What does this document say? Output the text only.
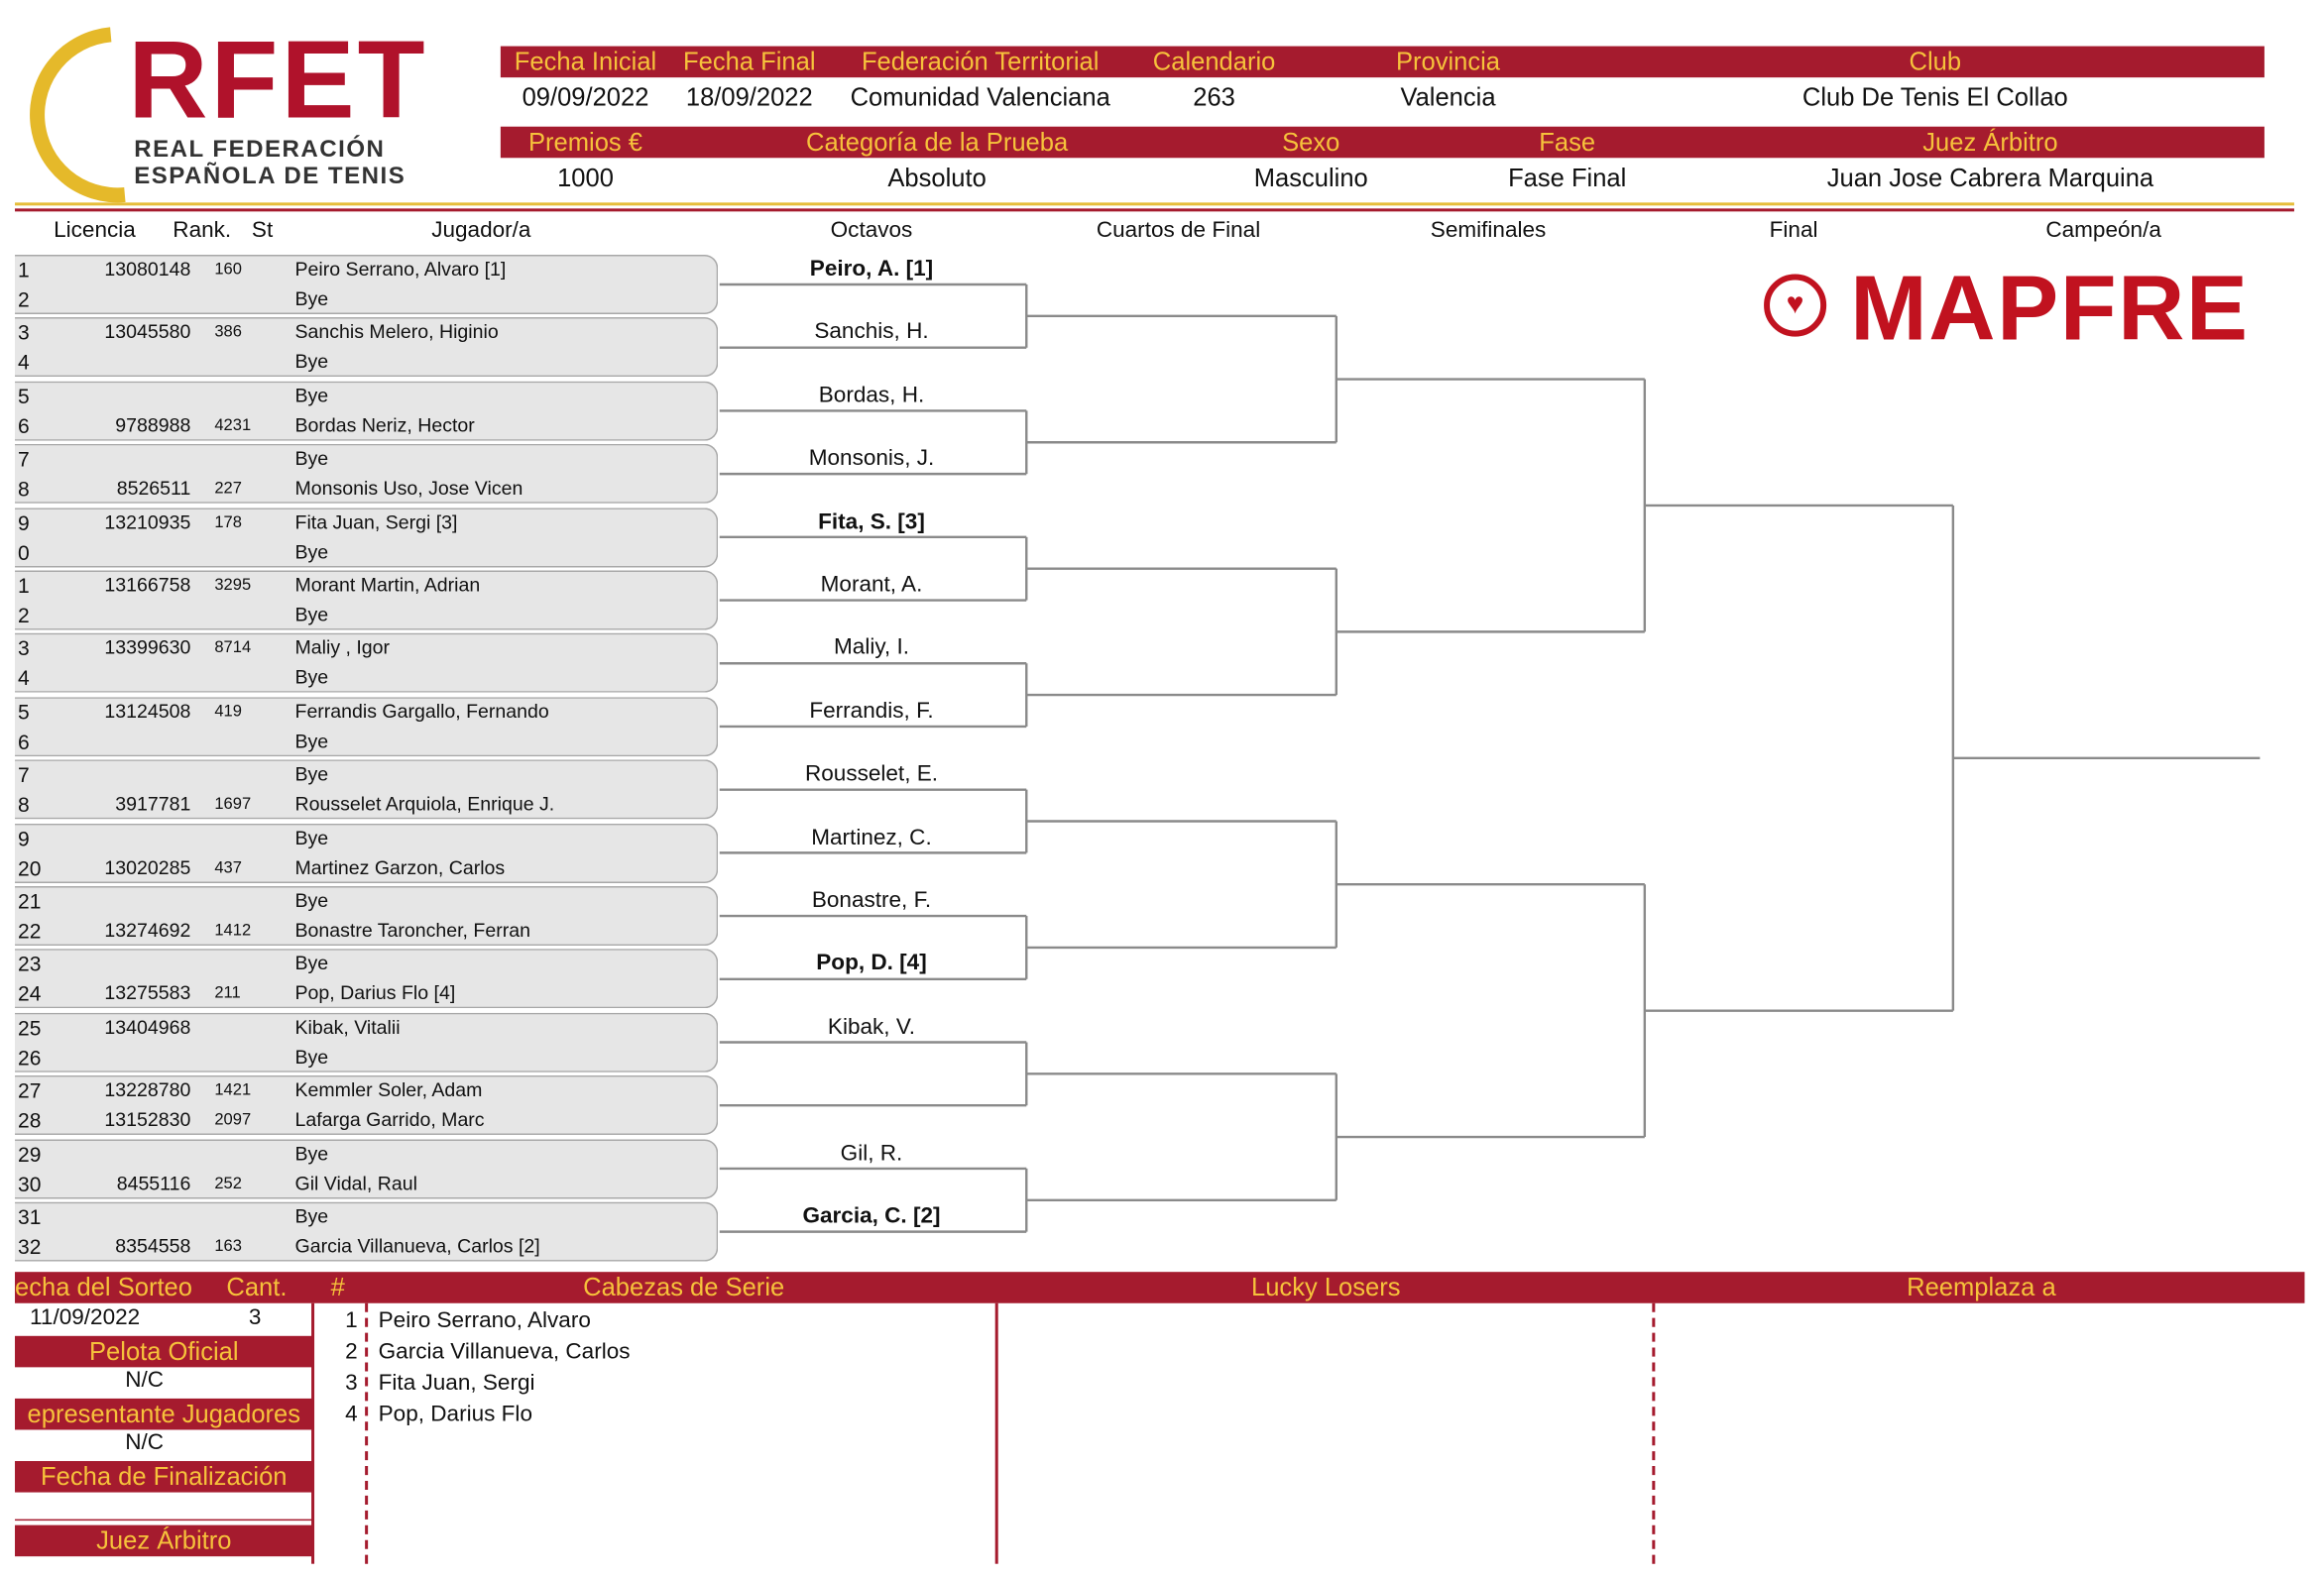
RFET
REAL FEDERACIÓN
ESPAÑOLA DE TENIS
Fecha Inicial Fecha Final	Federación Territorial	Calendario	Provincia	Club
09/09/2022 18/09/2022 Comunidad Valenciana	263	Valencia	Club De Tenis El Collao
Premios €	Categoría de la Prueba	Sexo	Fase	Juez Árbitro
1000	Absoluto	Masculino	Fase Final	Juan Jose Cabrera Marquina
Licencia Rank. St	Jugador/a	Octavos	Cuartos de Final	Semifinales	Final	Campeón/a
♥ MAPFRE
Peiro, A. [1]
Sanchis, H.
Bordas, H.
Monsonis, J.
Fita, S. [3]
Morant, A.
Maliy, I.
Ferrandis, F.
Rousselet, E.
Martinez, C.
Bonastre, F.
Pop, D. [4]
Kibak, V.
Gil, R.
Garcia, C. [2]
echa del Sorteo Cant.	#	Cabezas de Serie	Lucky Losers	Reemplaza a
11/09/2022	3
Pelota Oficial
N/C
epresentante Jugadores
N/C
Fecha de Finalización
Juez Árbitro
1 Peiro Serrano, Alvaro
2 Garcia Villanueva, Carlos
3 Fita Juan, Sergi
4 Pop, Darius Flo
1	13080148 160	Peiro Serrano, Alvaro [1]
2	Bye
3	13045580 386	Sanchis Melero, Higinio
4	Bye
5	Bye
6	9788988 4231	Bordas Neriz, Hector
7	Bye
8	8526511 227	Monsonis Uso, Jose Vicen
9	13210935 178	Fita Juan, Sergi [3]
0	Bye
1	13166758 3295	Morant Martin, Adrian
2	Bye
3	13399630 8714	Maliy , Igor
4	Bye
5	13124508 419	Ferrandis Gargallo, Fernando
6	Bye
7	Bye
8	3917781 1697	Rousselet Arquiola, Enrique J.
9	Bye
20	13020285 437	Martinez Garzon, Carlos
21	Bye
22	13274692 1412	Bonastre Taroncher, Ferran
23	Bye
24	13275583 211	Pop, Darius Flo [4]
25	13404968	Kibak, Vitalii
26	Bye
27	13228780 1421	Kemmler Soler, Adam
28	13152830 2097	Lafarga Garrido, Marc
29	Bye
30	8455116 252	Gil Vidal, Raul
31	Bye
32	8354558 163	Garcia Villanueva, Carlos [2]
